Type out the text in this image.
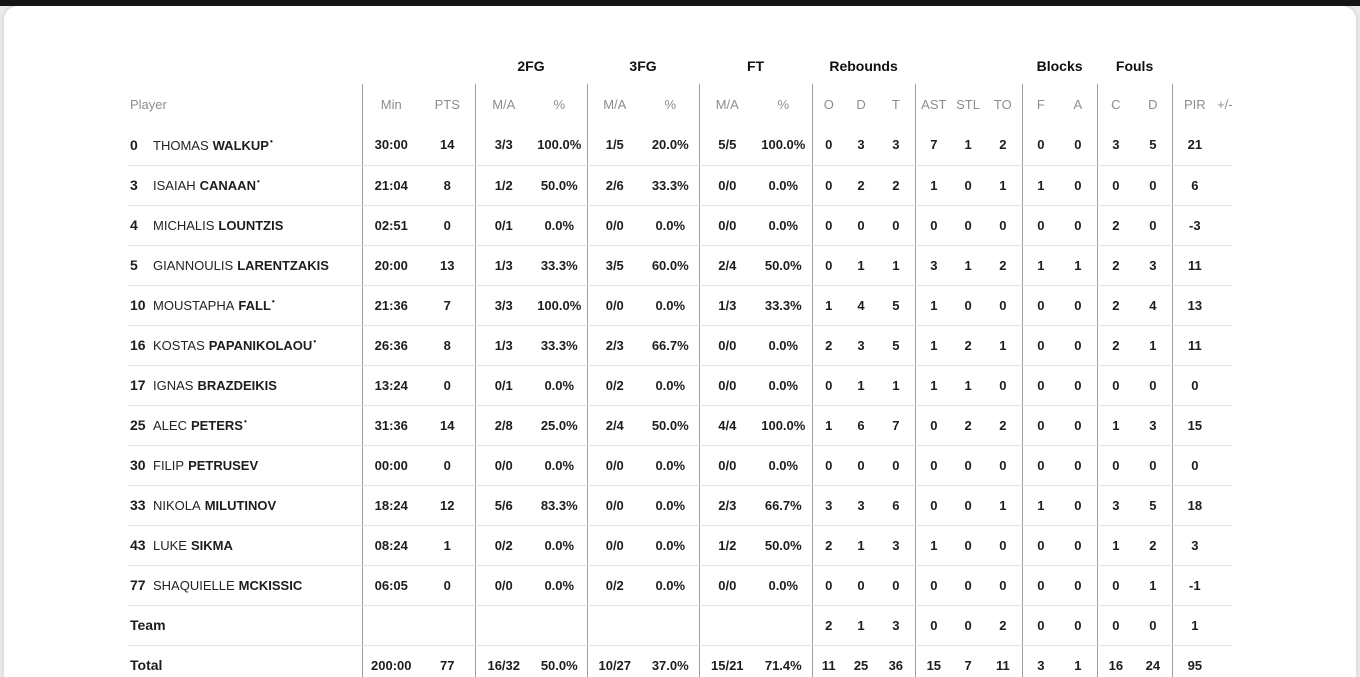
			2FG		3FG		FT		Rebounds						Blocks		Fouls			
Player	Min	PTS	M/A	%	M/A	%	M/A	%	O	D	T	AST	STL	TO	F	A	C	D	PIR	+/-
0 THOMAS WALKUP•	30:00	14	3/3	100.0%	1/5	20.0%	5/5	100.0%	0	3	3	7	1	2	0	0	3	5	21	
3 ISAIAH CANAAN•	21:04	8	1/2	50.0%	2/6	33.3%	0/0	0.0%	0	2	2	1	0	1	1	0	0	0	6	
4 MICHALIS LOUNTZIS	02:51	0	0/1	0.0%	0/0	0.0%	0/0	0.0%	0	0	0	0	0	0	0	0	2	0	-3	
5 GIANNOULIS LARENTZAKIS	20:00	13	1/3	33.3%	3/5	60.0%	2/4	50.0%	0	1	1	3	1	2	1	1	2	3	11	
10 MOUSTAPHA FALL•	21:36	7	3/3	100.0%	0/0	0.0%	1/3	33.3%	1	4	5	1	0	0	0	0	2	4	13	
16 KOSTAS PAPANIKOLAOU•	26:36	8	1/3	33.3%	2/3	66.7%	0/0	0.0%	2	3	5	1	2	1	0	0	2	1	11	
17 IGNAS BRAZDEIKIS	13:24	0	0/1	0.0%	0/2	0.0%	0/0	0.0%	0	1	1	1	1	0	0	0	0	0	0	
25 ALEC PETERS•	31:36	14	2/8	25.0%	2/4	50.0%	4/4	100.0%	1	6	7	0	2	2	0	0	1	3	15	
30 FILIP PETRUSEV	00:00	0	0/0	0.0%	0/0	0.0%	0/0	0.0%	0	0	0	0	0	0	0	0	0	0	0	
33 NIKOLA MILUTINOV	18:24	12	5/6	83.3%	0/0	0.0%	2/3	66.7%	3	3	6	0	0	1	1	0	3	5	18	
43 LUKE SIKMA	08:24	1	0/2	0.0%	0/0	0.0%	1/2	50.0%	2	1	3	1	0	0	0	0	1	2	3	
77 SHAQUIELLE MCKISSIC	06:05	0	0/0	0.0%	0/2	0.0%	0/0	0.0%	0	0	0	0	0	0	0	0	0	1	-1	
Team									2	1	3	0	0	2	0	0	0	0	1	
Total	200:00	77	16/32	50.0%	10/27	37.0%	15/21	71.4%	11	25	36	15	7	11	3	1	16	24	95	
